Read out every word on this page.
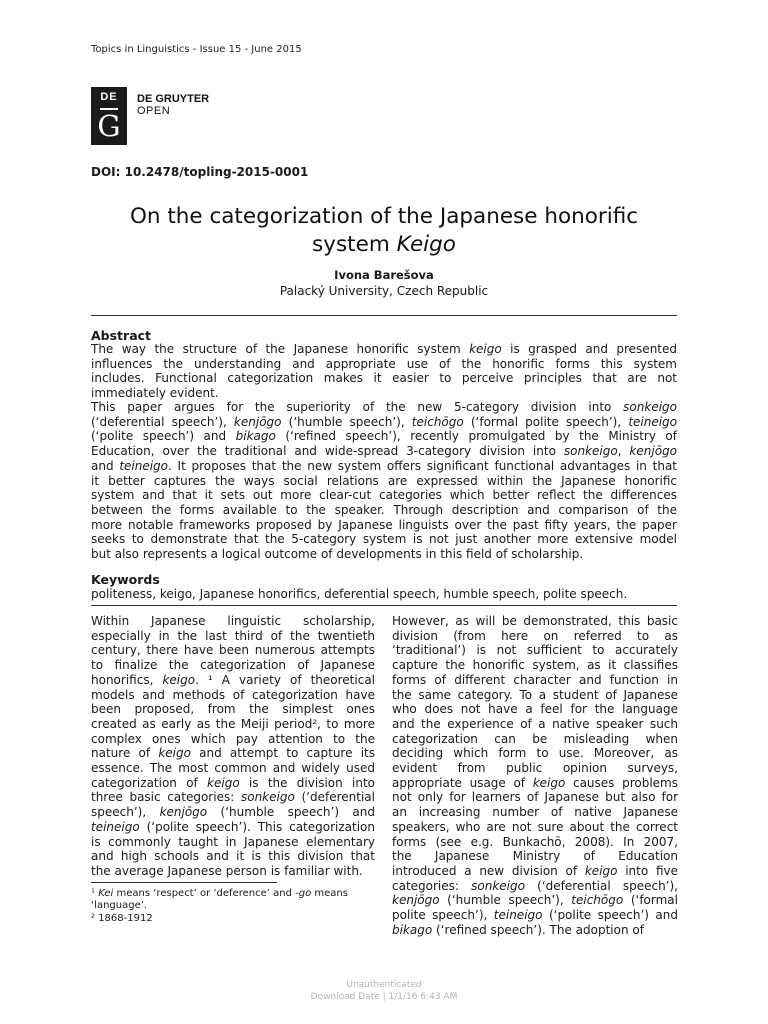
Topics in Linguistics - Issue 15 - June 2015
DE
G
DE GRUYTER
OPEN
DOI: 10.2478/topling-2015-0001
On the categorization of the Japanese honorific
system Keigo
Ivona Barešova
Palacký University, Czech Republic
Abstract
The way the structure of the Japanese honorific system keigo is grasped and presented
influences the understanding and appropriate use of the honorific forms this system
includes. Functional categorization makes it easier to perceive principles that are not
immediately evident.
This paper argues for the superiority of the new 5-category division into sonkeigo
(‘deferential speech’), kenjōgo (‘humble speech’), teichōgo (‘formal polite speech’), teineigo
(‘polite speech’) and bikago (‘refined speech’), recently promulgated by the Ministry of
Education, over the traditional and wide-spread 3-category division into sonkeigo, kenjōgo
and teineigo. It proposes that the new system offers significant functional advantages in that
it better captures the ways social relations are expressed within the Japanese honorific
system and that it sets out more clear-cut categories which better reflect the differences
between the forms available to the speaker. Through description and comparison of the
more notable frameworks proposed by Japanese linguists over the past fifty years, the paper
seeks to demonstrate that the 5-category system is not just another more extensive model
but also represents a logical outcome of developments in this field of scholarship.
Keywords
politeness, keigo, Japanese honorifics, deferential speech, humble speech, polite speech.
Within Japanese linguistic scholarship,
especially in the last third of the twentieth
century, there have been numerous attempts
to finalize the categorization of Japanese
honorifics, keigo. ¹ A variety of theoretical
models and methods of categorization have
been proposed, from the simplest ones
created as early as the Meiji period², to more
complex ones which pay attention to the
nature of keigo and attempt to capture its
essence. The most common and widely used
categorization of keigo is the division into
three basic categories: sonkeigo (‘deferential
speech’), kenjōgo (‘humble speech’) and
teineigo (‘polite speech’). This categorization
is commonly taught in Japanese elementary
and high schools and it is this division that
the average Japanese person is familiar with.
However, as will be demonstrated, this basic
division (from here on referred to as
‘traditional’) is not sufficient to accurately
capture the honorific system, as it classifies
forms of different character and function in
the same category. To a student of Japanese
who does not have a feel for the language
and the experience of a native speaker such
categorization can be misleading when
deciding which form to use. Moreover, as
evident from public opinion surveys,
appropriate usage of keigo causes problems
not only for learners of Japanese but also for
an increasing number of native Japanese
speakers, who are not sure about the correct
forms (see e.g. Bunkachō, 2008). In 2007,
the Japanese Ministry of Education
introduced a new division of keigo into five
categories: sonkeigo (‘deferential speech’),
kenjōgo (‘humble speech’), teichōgo (‘formal
polite speech’), teineigo (‘polite speech’) and
bikago (‘refined speech’). The adoption of
¹ Kei means ‘respect’ or ‘deference’ and -go means
‘language’.
² 1868-1912
Unauthenticated
Download Date | 1/1/16 6:43 AM
